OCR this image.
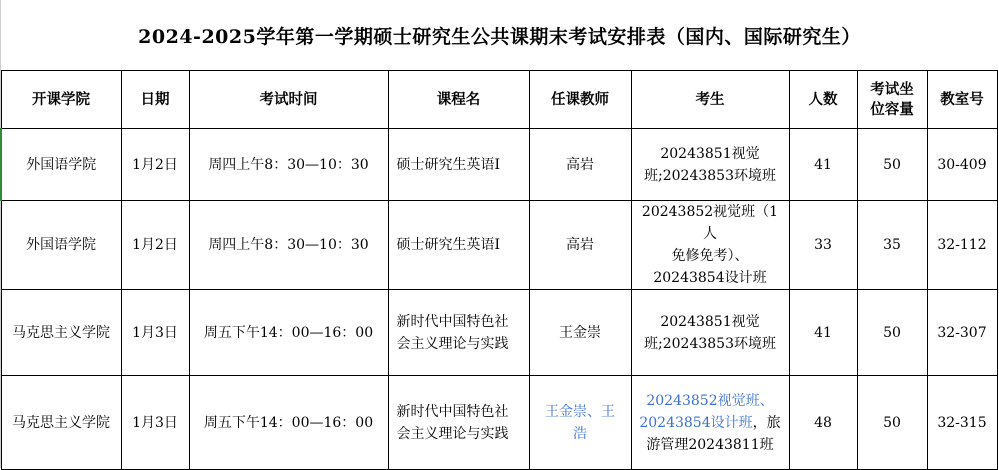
2024-2025学年第一学期硕士研究生公共课期末考试安排表（国内、国际研究生）
开课学院	日期	考试时间	课程名	任课教师	考生	人数	考试坐
位容量	教室号
外国语学院	1月2日	周四上午8：30—10：30	硕士研究生英语Ⅰ	高岩	20243851视觉
班;20243853环境班	41	50	30-409
外国语学院	1月2日	周四上午8：30—10：30	硕士研究生英语Ⅰ	高岩	20243852视觉班（1人
免修免考）、
20243854设计班	33	35	32-112
马克思主义学院	1月3日	周五下午14：00—16：00	新时代中国特色社
会主义理论与实践	王金崇	20243851视觉
班;20243853环境班	41	50	32-307
马克思主义学院	1月3日	周五下午14：00—16：00	新时代中国特色社
会主义理论与实践	王金崇、王
浩	20243852视觉班、
20243854设计班，旅
游管理20243811班	48	50	32-315
